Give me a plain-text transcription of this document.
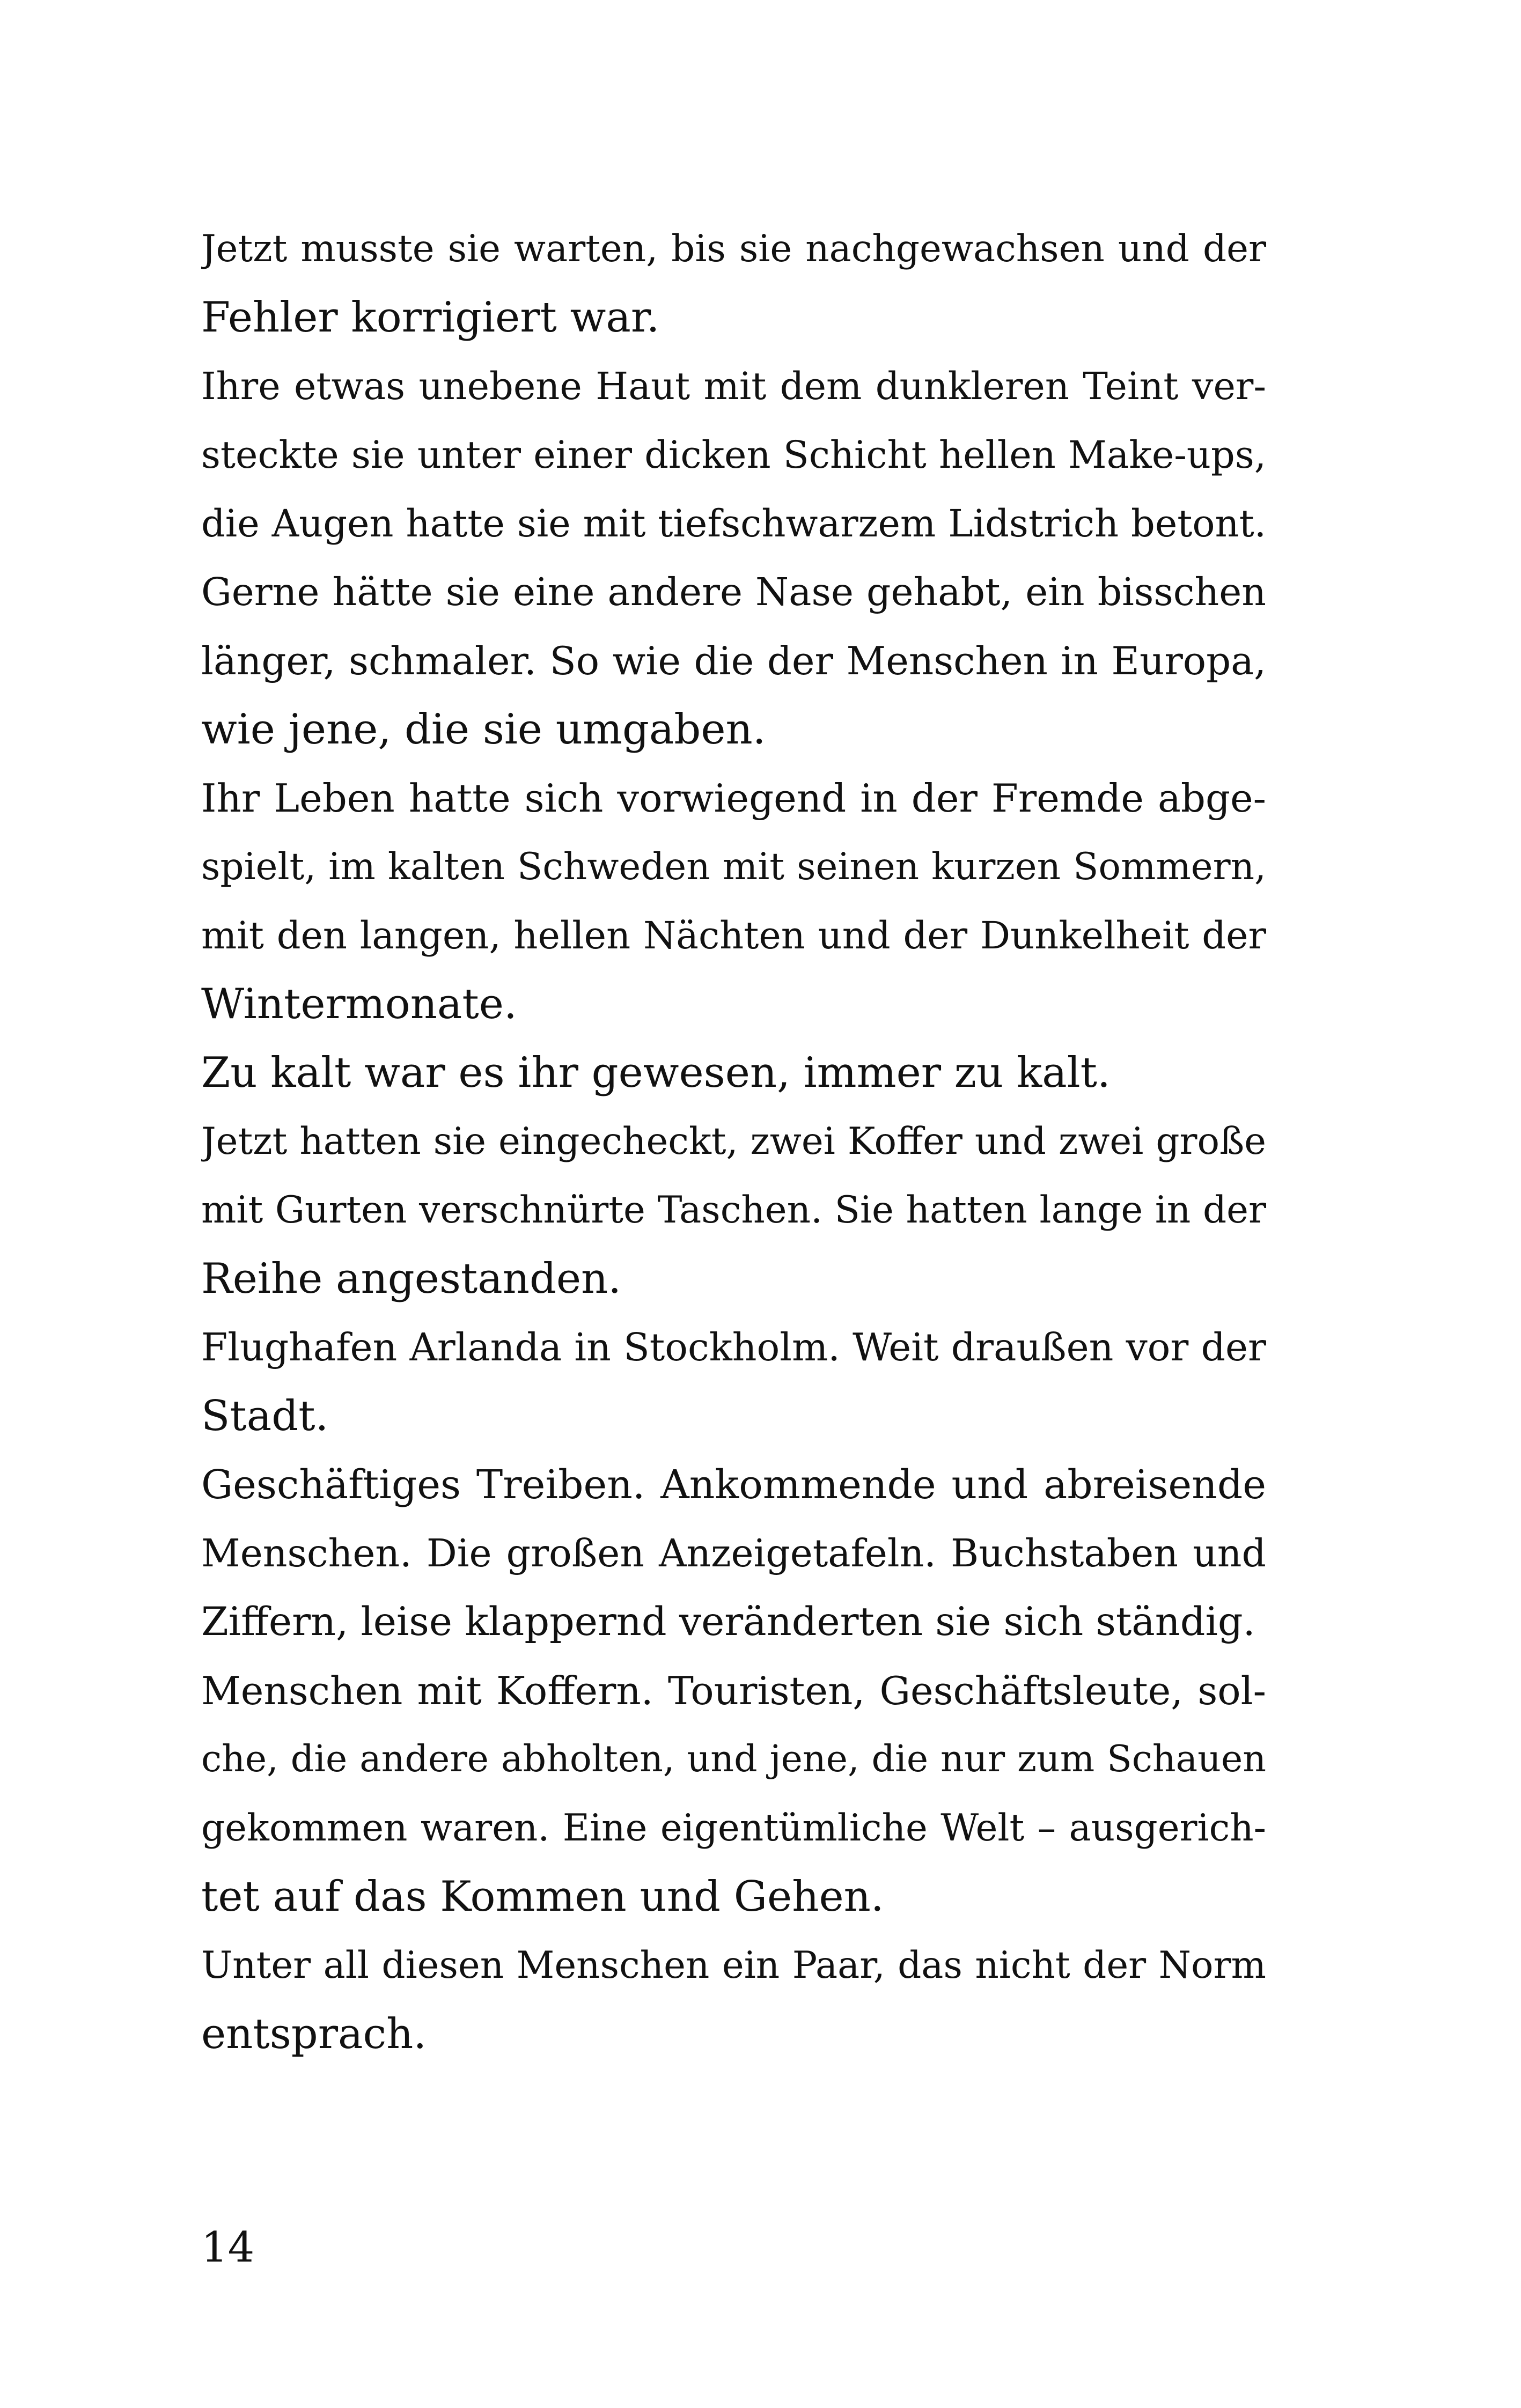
Jetzt musste sie warten, bis sie nachgewachsen und der
Fehler korrigiert war.
Ihre etwas unebene Haut mit dem dunkleren Teint ver-
steckte sie unter einer dicken Schicht hellen Make-ups,
die Augen hatte sie mit tiefschwarzem Lidstrich betont.
Gerne hätte sie eine andere Nase gehabt, ein bisschen
länger, schmaler. So wie die der Menschen in Europa,
wie jene, die sie umgaben.
Ihr Leben hatte sich vorwiegend in der Fremde abge-
spielt, im kalten Schweden mit seinen kurzen Sommern,
mit den langen, hellen Nächten und der Dunkelheit der
Wintermonate.
Zu kalt war es ihr gewesen, immer zu kalt.
Jetzt hatten sie eingecheckt, zwei Koffer und zwei große
mit Gurten verschnürte Taschen. Sie hatten lange in der
Reihe angestanden.
Flughafen Arlanda in Stockholm. Weit draußen vor der
Stadt.
Geschäftiges Treiben. Ankommende und abreisende
Menschen. Die großen Anzeigetafeln. Buchstaben und
Ziffern, leise klappernd veränderten sie sich ständig.
Menschen mit Koffern. Touristen, Geschäftsleute, sol-
che, die andere abholten, und jene, die nur zum Schauen
gekommen waren. Eine eigentümliche Welt – ausgerich-
tet auf das Kommen und Gehen.
Unter all diesen Menschen ein Paar, das nicht der Norm
entsprach.
14
